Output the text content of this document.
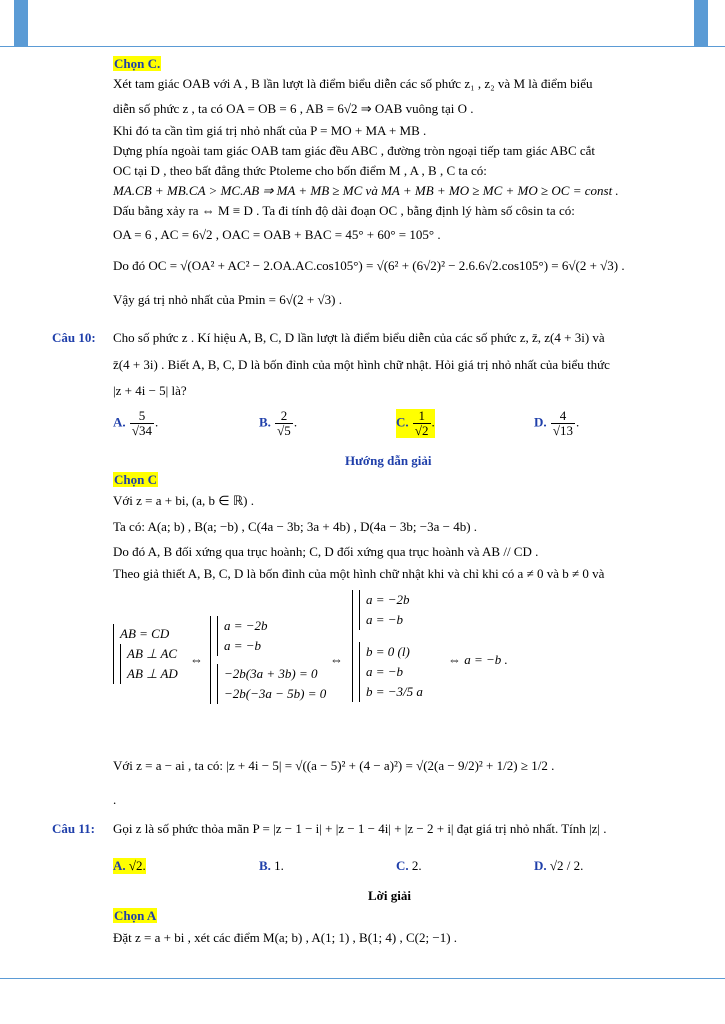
Chọn C.
Xét tam giác OAB với A , B lần lượt là điểm biểu diễn các số phức z₁ , z₂ và M là điểm biểu
diễn số phức z , ta có OA = OB = 6 , AB = 6√2 ⇒ OAB vuông tại O .
Khi đó ta cần tìm giá trị nhỏ nhất của P = MO + MA + MB .
Dựng phía ngoài tam giác OAB tam giác đều ABC , đường tròn ngoại tiếp tam giác ABC cắt
OC tại D , theo bất đẳng thức Ptoleme cho bốn điểm M , A , B , C ta có:
MA.CB + MB.CA > MC.AB ⇒ MA + MB ≥ MC và MA + MB + MO ≥ MC + MO ≥ OC = const .
Dấu bằng xảy ra ⇔ M ≡ D . Ta đi tính độ dài đoạn OC , bằng định lý hàm số côsin ta có:
OA = 6 , AC = 6√2 , OAC = OAB + BAC = 45° + 60° = 105° .
Do đó OC = √(OA² + AC² − 2.OA.AC.cos105°) = √(6² + (6√2)² − 2.6.6√2.cos105°) = 6√(2 + √3) .
Vậy gá trị nhỏ nhất của Pmin = 6√(2 + √3) .
Câu 10: Cho số phức z . Kí hiệu A, B, C, D lần lượt là điểm biểu diễn của các số phức z, z̄, z(4 + 3i) và
z̄(4 + 3i) . Biết A, B, C, D là bốn đỉnh của một hình chữ nhật. Hỏi giá trị nhỏ nhất của biểu thức
|z + 4i − 5| là?
A. $\frac{5}{√34}$ .	B. $\frac{2}{√5}$ .	C. $\frac{1}{√2}$ .	D. $\frac{4}{√13}$ .
Hướng dẫn giải
Chọn C
Với z = a + bi, (a, b ∈ ℝ) .
Ta có: A(a; b) , B(a; −b) , C(4a − 3b; 3a + 4b) , D(4a − 3b; −3a − 4b) .
Do đó A, B đối xứng qua trục hoành; C, D đối xứng qua trục hoành và AB // CD .
Theo giả thiết A, B, C, D là bốn đỉnh của một hình chữ nhật khi và chỉ khi có a ≠ 0 và b ≠ 0 và
AB = CD
AB ⊥ AC
AB ⊥ AD
⇔
a = −2b
a = −b
−2b(3a + 3b) = 0
−2b(−3a − 5b) = 0
⇔
a = −2b
a = −b
b = 0 (l)
a = −b
b = −3/5 a
⇔ a = −b .
Với z = a − ai , ta có: |z + 4i − 5| = √((a − 5)² + (4 − a)²) = √(2(a − 9/2)² + 1/2) ≥ 1/2 .
.
Câu 11: Gọi z là số phức thỏa mãn P = |z − 1 − i| + |z − 1 − 4i| + |z − 2 + i| đạt giá trị nhỏ nhất. Tính |z| .
A. √2.	B. 1.	C. 2.	D. √2 / 2.
Lời giải
Chọn A
Đặt z = a + bi , xét các điểm M(a; b) , A(1; 1) , B(1; 4) , C(2; −1) .
